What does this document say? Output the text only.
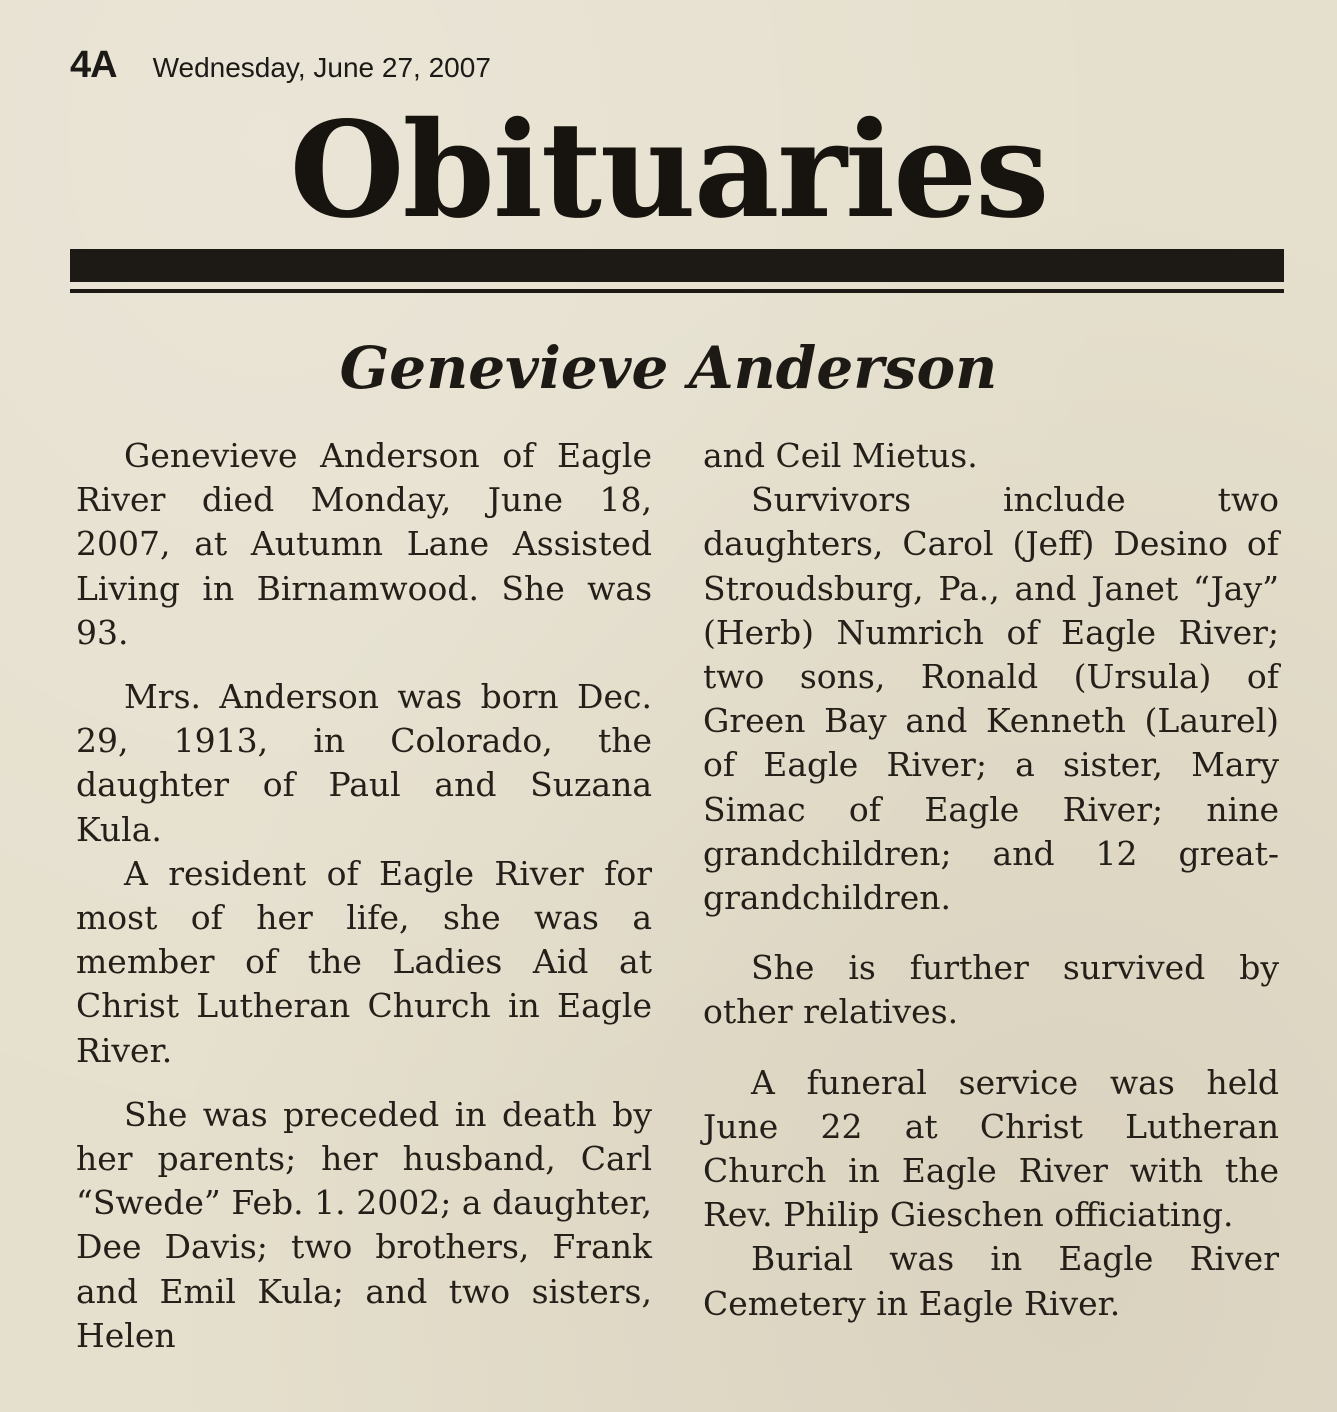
4A Wednesday, June 27, 2007
Obituaries
Genevieve Anderson

Genevieve Anderson of Eagle River died Monday, June 18, 2007, at Autumn Lane Assisted Living in Birnamwood. She was 93.

Mrs. Anderson was born Dec. 29, 1913, in Colorado, the daughter of Paul and Suzana Kula.

A resident of Eagle River for most of her life, she was a member of the Ladies Aid at Christ Lutheran Church in Eagle River.

She was preceded in death by her parents; her husband, Carl “Swede” Feb. 1. 2002; a daughter, Dee Davis; two brothers, Frank and Emil Kula; and two sisters, Helen

and Ceil Mietus.

Survivors include two daughters, Carol (Jeff) Desino of Stroudsburg, Pa., and Janet “Jay” (Herb) Numrich of Eagle River; two sons, Ronald (Ursula) of Green Bay and Kenneth (Laurel) of Eagle River; a sister, Mary Simac of Eagle River; nine grandchildren; and 12 great-grandchildren.

She is further survived by other relatives.

A funeral service was held June 22 at Christ Lutheran Church in Eagle River with the Rev. Philip Gieschen officiating.

Burial was in Eagle River Cemetery in Eagle River.
